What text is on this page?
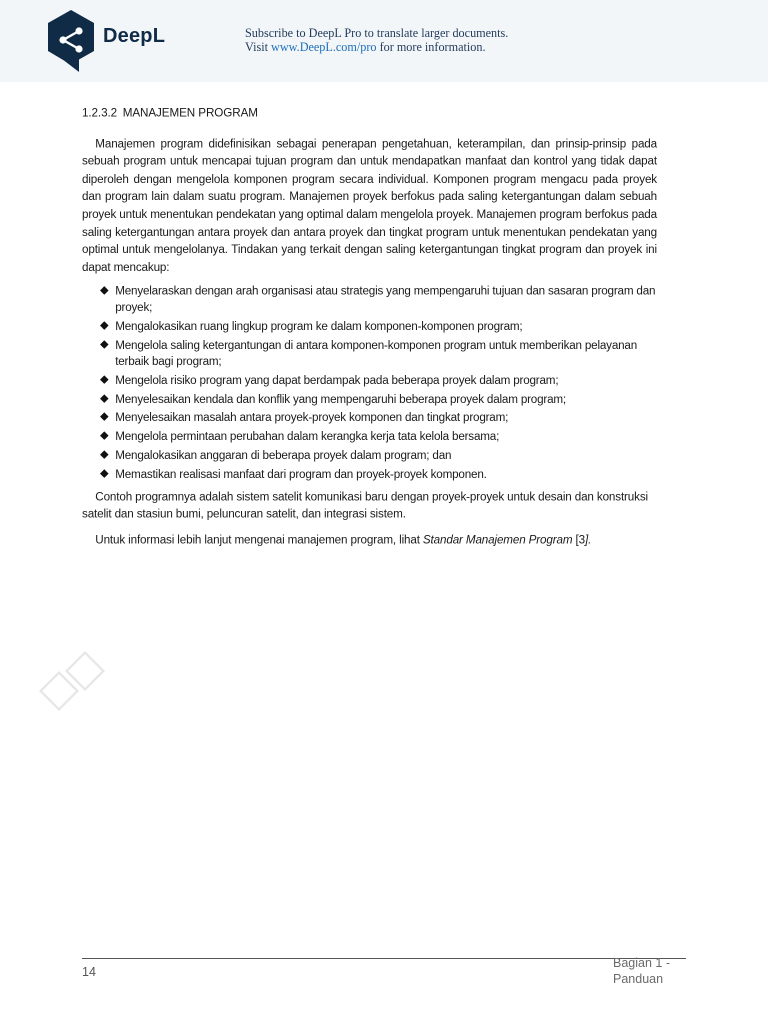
DeepL	Subscribe to DeepL Pro to translate larger documents.
Visit www.DeepL.com/pro for more information.
1.2.3.2 MANAJEMEN PROGRAM

Manajemen program didefinisikan sebagai penerapan pengetahuan, keterampilan, dan prinsip-prinsip pada sebuah program untuk mencapai tujuan program dan untuk mendapatkan manfaat dan kontrol yang tidak dapat diperoleh dengan mengelola komponen program secara individual. Komponen program mengacu pada proyek dan program lain dalam suatu program. Manajemen proyek berfokus pada saling ketergantungan dalam sebuah proyek untuk menentukan pendekatan yang optimal dalam mengelola proyek. Manajemen program berfokus pada saling ketergantungan antara proyek dan antara proyek dan tingkat program untuk menentukan pendekatan yang optimal untuk mengelolanya. Tindakan yang terkait dengan saling ketergantungan tingkat program dan proyek ini dapat mencakup:

Menyelaraskan dengan arah organisasi atau strategis yang mempengaruhi tujuan dan sasaran program dan proyek;
Mengalokasikan ruang lingkup program ke dalam komponen-komponen program;
Mengelola saling ketergantungan di antara komponen-komponen program untuk memberikan pelayanan terbaik bagi program;
Mengelola risiko program yang dapat berdampak pada beberapa proyek dalam program;
Menyelesaikan kendala dan konflik yang mempengaruhi beberapa proyek dalam program;
Menyelesaikan masalah antara proyek-proyek komponen dan tingkat program;
Mengelola permintaan perubahan dalam kerangka kerja tata kelola bersama;
Mengalokasikan anggaran di beberapa proyek dalam program; dan
Memastikan realisasi manfaat dari program dan proyek-proyek komponen.

Contoh programnya adalah sistem satelit komunikasi baru dengan proyek-proyek untuk desain dan konstruksi satelit dan stasiun bumi, peluncuran satelit, dan integrasi sistem.

Untuk informasi lebih lanjut mengenai manajemen program, lihat Standar Manajemen Program [3].

14
Bagian 1 - Panduan
